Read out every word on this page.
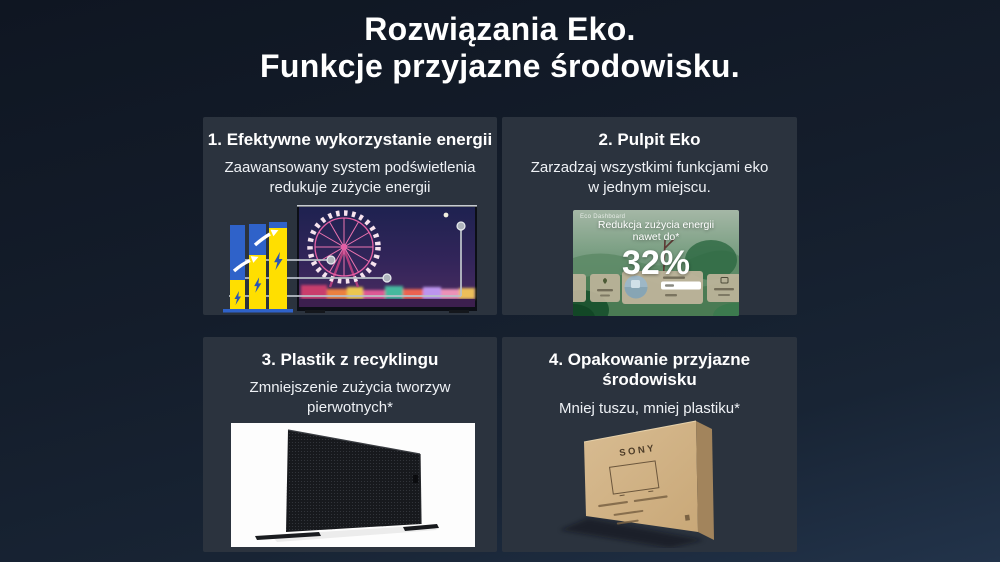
Rozwiązania Eko.
Funkcje przyjazne środowisku.
1. Efektywne wykorzystanie energii

Zaawansowany system podświetlenia redukuje zużycie energii

2. Pulpit Eko

Zarzadzaj wszystkimi funkcjami eko w jednym miejscu.

Eco Dashboard
Redukcja zużycia energii
nawet do*
32%
3. Plastik z recyklingu

Zmniejszenie zużycia tworzyw pierwotnych*

4. Opakowanie przyjazne środowisku

Mniej tuszu, mniej plastiku*

SONY
